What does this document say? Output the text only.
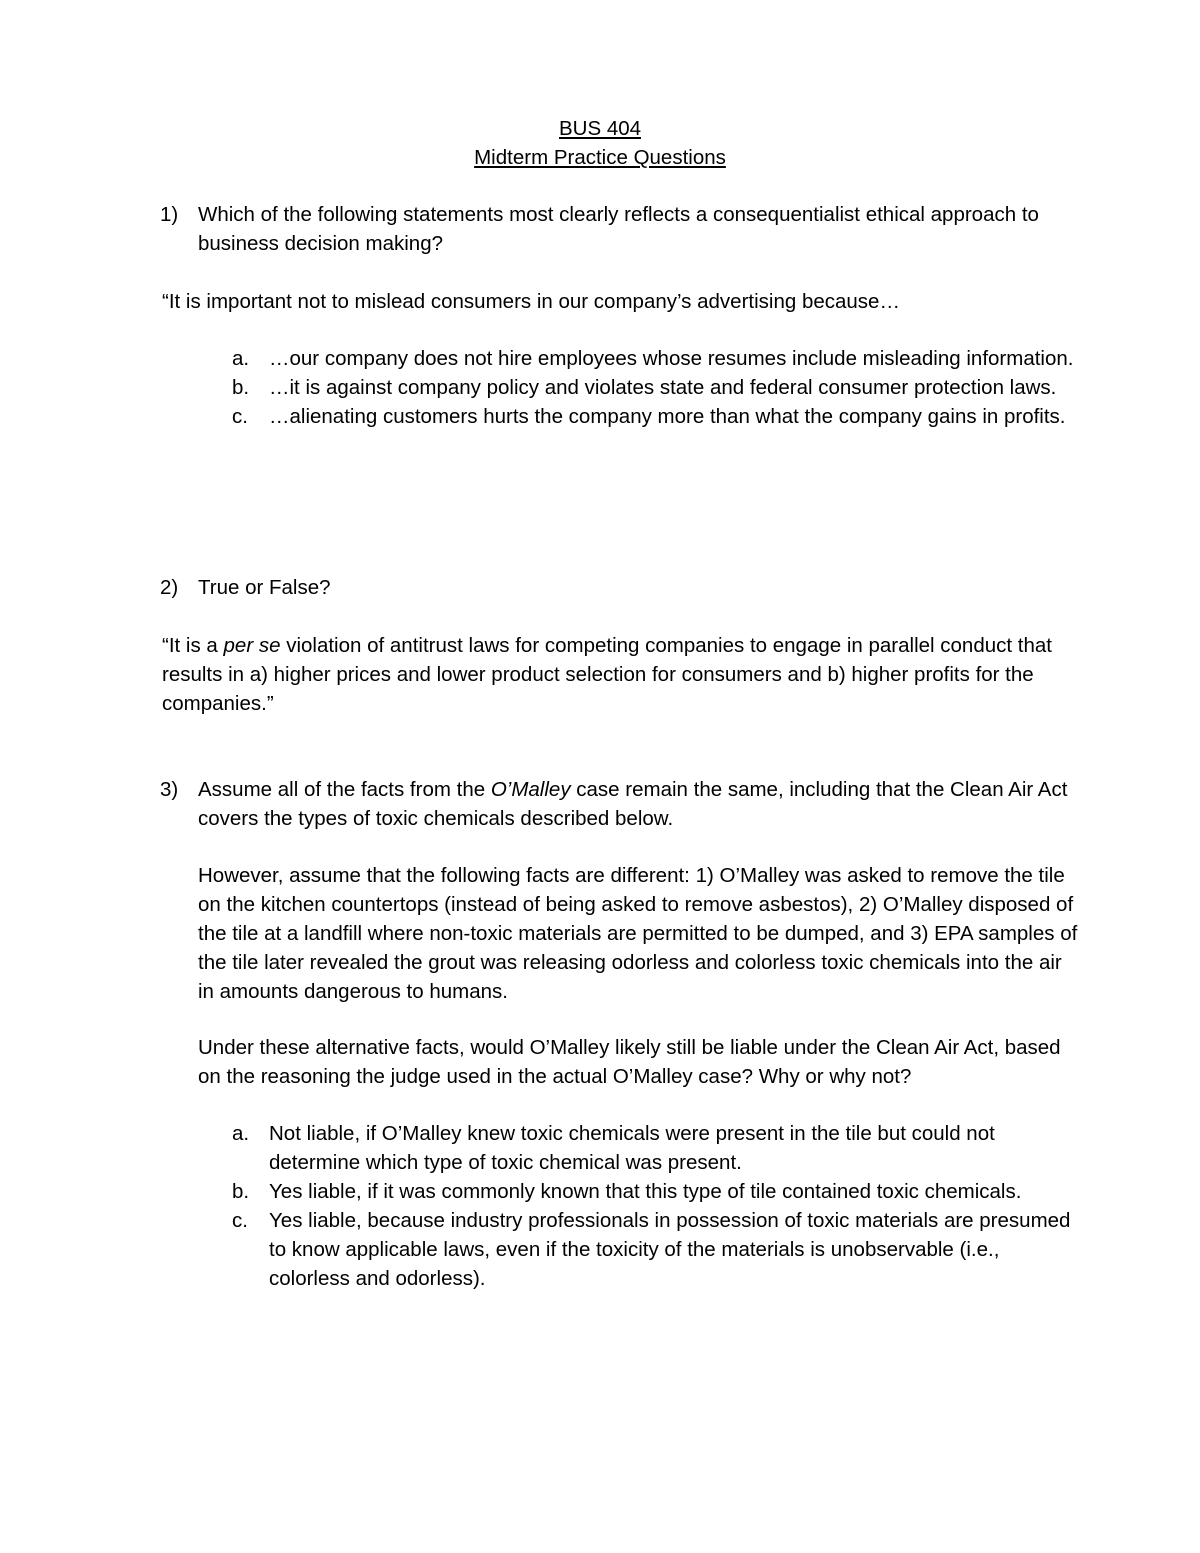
BUS 404
Midterm Practice Questions
1) Which of the following statements most clearly reflects a consequentialist ethical approach to business decision making?
“It is important not to mislead consumers in our company’s advertising because…
a. …our company does not hire employees whose resumes include misleading information.
b. …it is against company policy and violates state and federal consumer protection laws.
c.	…alienating customers hurts the company more than what the company gains in profits.
2) True or False?
“It is a per se violation of antitrust laws for competing companies to engage in parallel conduct that results in a) higher prices and lower product selection for consumers and b) higher profits for the companies.”
3) Assume all of the facts from the O’Malley case remain the same, including that the Clean Air Act covers the types of toxic chemicals described below.
However, assume that the following facts are different: 1) O’Malley was asked to remove the tile on the kitchen countertops (instead of being asked to remove asbestos), 2) O’Malley disposed of the tile at a landfill where non-toxic materials are permitted to be dumped, and 3) EPA samples of the tile later revealed the grout was releasing odorless and colorless toxic chemicals into the air in amounts dangerous to humans.
Under these alternative facts, would O’Malley likely still be liable under the Clean Air Act, based on the reasoning the judge used in the actual O’Malley case? Why or why not?
a. Not liable, if O’Malley knew toxic chemicals were present in the tile but could not determine which type of toxic chemical was present.
b. Yes liable, if it was commonly known that this type of tile contained toxic chemicals.
c.	Yes liable, because industry professionals in possession of toxic materials are presumed to know applicable laws, even if the toxicity of the materials is unobservable (i.e., colorless and odorless).
